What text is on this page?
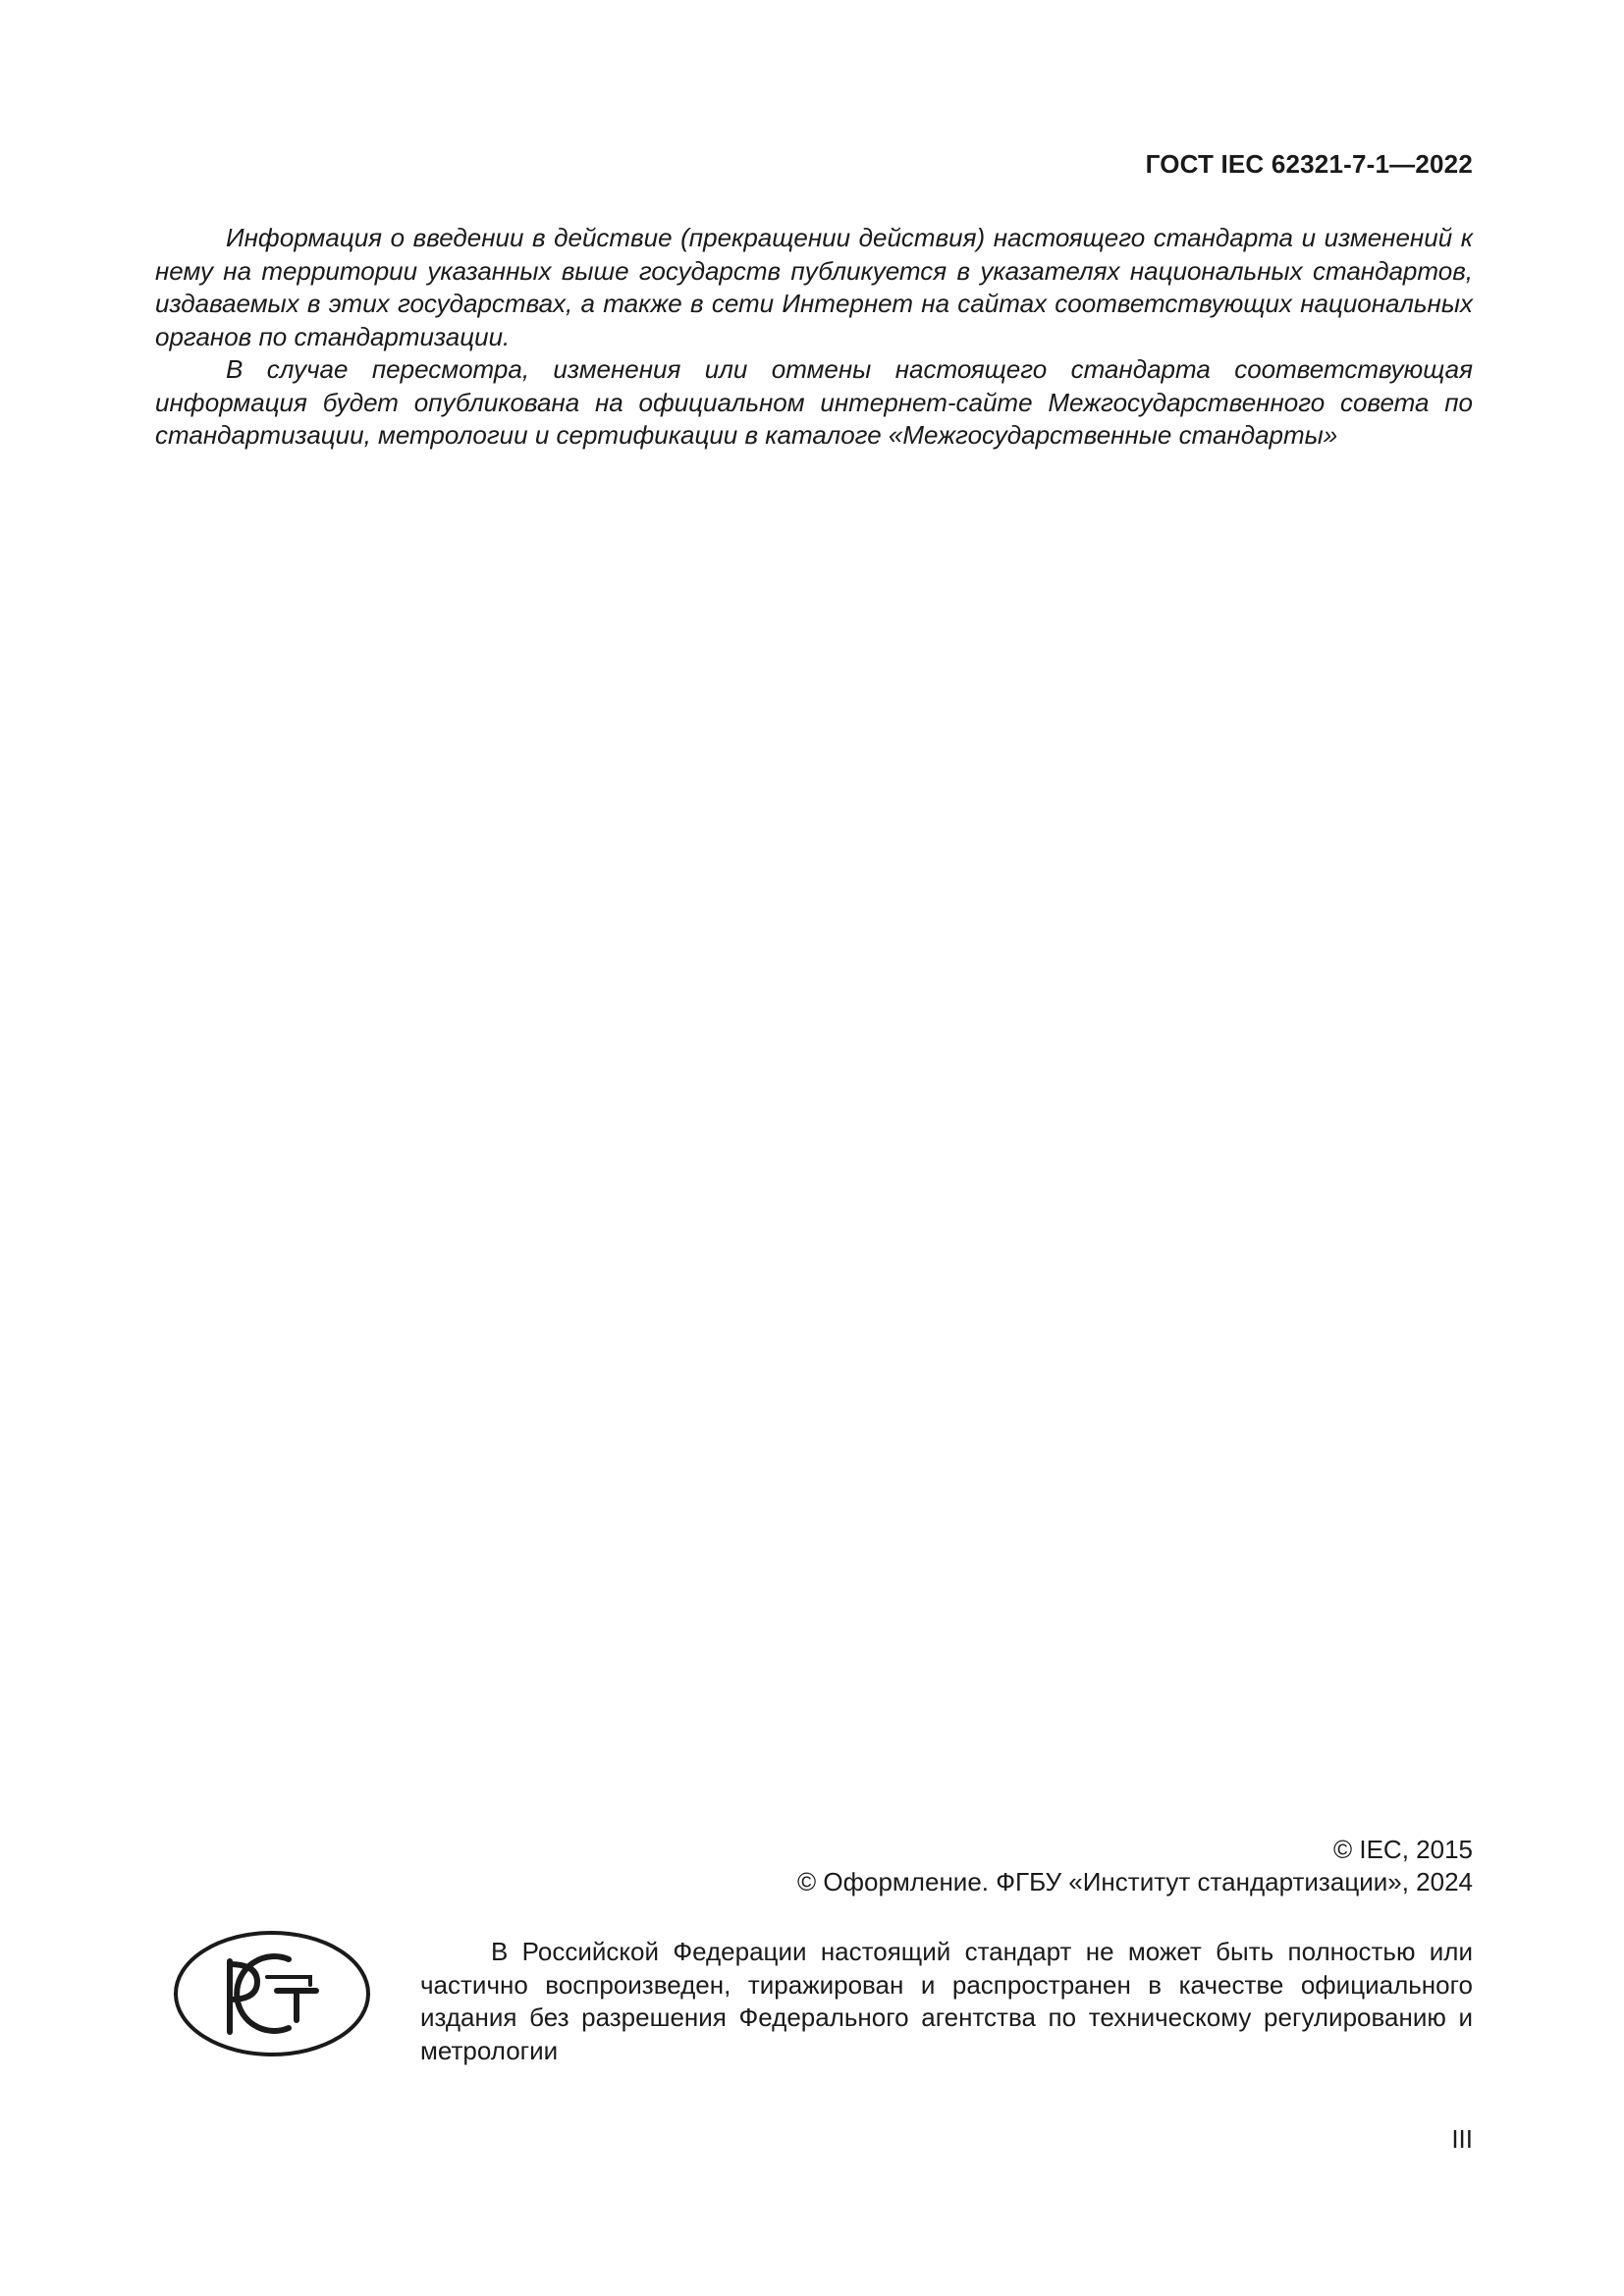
ГОСТ IEC 62321-7-1—2022

Информация о введении в действие (прекращении действия) настоящего стандарта и изменений к нему на территории указанных выше государств публикуется в указателях национальных стандартов, издаваемых в этих государствах, а также в сети Интернет на сайтах соответствующих национальных органов по стандартизации.

В случае пересмотра, изменения или отмены настоящего стандарта соответствующая информация будет опубликована на официальном интернет-сайте Межгосударственного совета по стандартизации, метрологии и сертификации в каталоге «Межгосударственные стандарты»

© IEC, 2015
© Оформление. ФГБУ «Институт стандартизации», 2024

В Российской Федерации настоящий стандарт не может быть полностью или частично воспроизведен, тиражирован и распространен в качестве официального издания без разрешения Федерального агентства по техническому регулированию и метрологии

III
